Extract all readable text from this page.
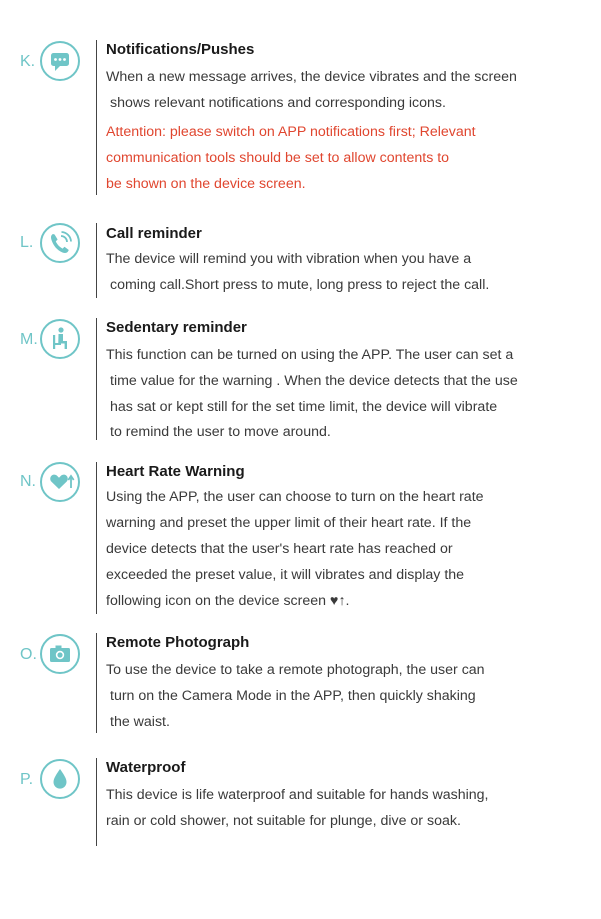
K.
Notifications/Pushes
When a new message arrives, the device vibrates and the screen
shows relevant notifications and corresponding icons.
Attention: please switch on APP notifications first; Relevant
communication tools should be set to allow contents to
be shown on the device screen.
L.
Call reminder
The device will remind you with vibration when you have a
coming call.Short press to mute, long press to reject the call.
M.
Sedentary reminder
This function can be turned on using the APP. The user can set a
time value for the warning . When the device detects that the use
has sat or kept still for the set time limit, the device will vibrate
to remind the user to move around.
N.
Heart Rate Warning
Using the APP, the user can choose to turn on the heart rate
warning and preset the upper limit of their heart rate. If the
device detects that the user's heart rate has reached or
exceeded the preset value, it will vibrates and display the
following icon on the device screen ♥↑.
O.
Remote Photograph
To use the device to take a remote photograph, the user can
turn on the Camera Mode in the APP, then quickly shaking
the waist.
P.
Waterproof
This device is life waterproof and suitable for hands washing,
rain or cold shower, not suitable for plunge, dive or soak.
